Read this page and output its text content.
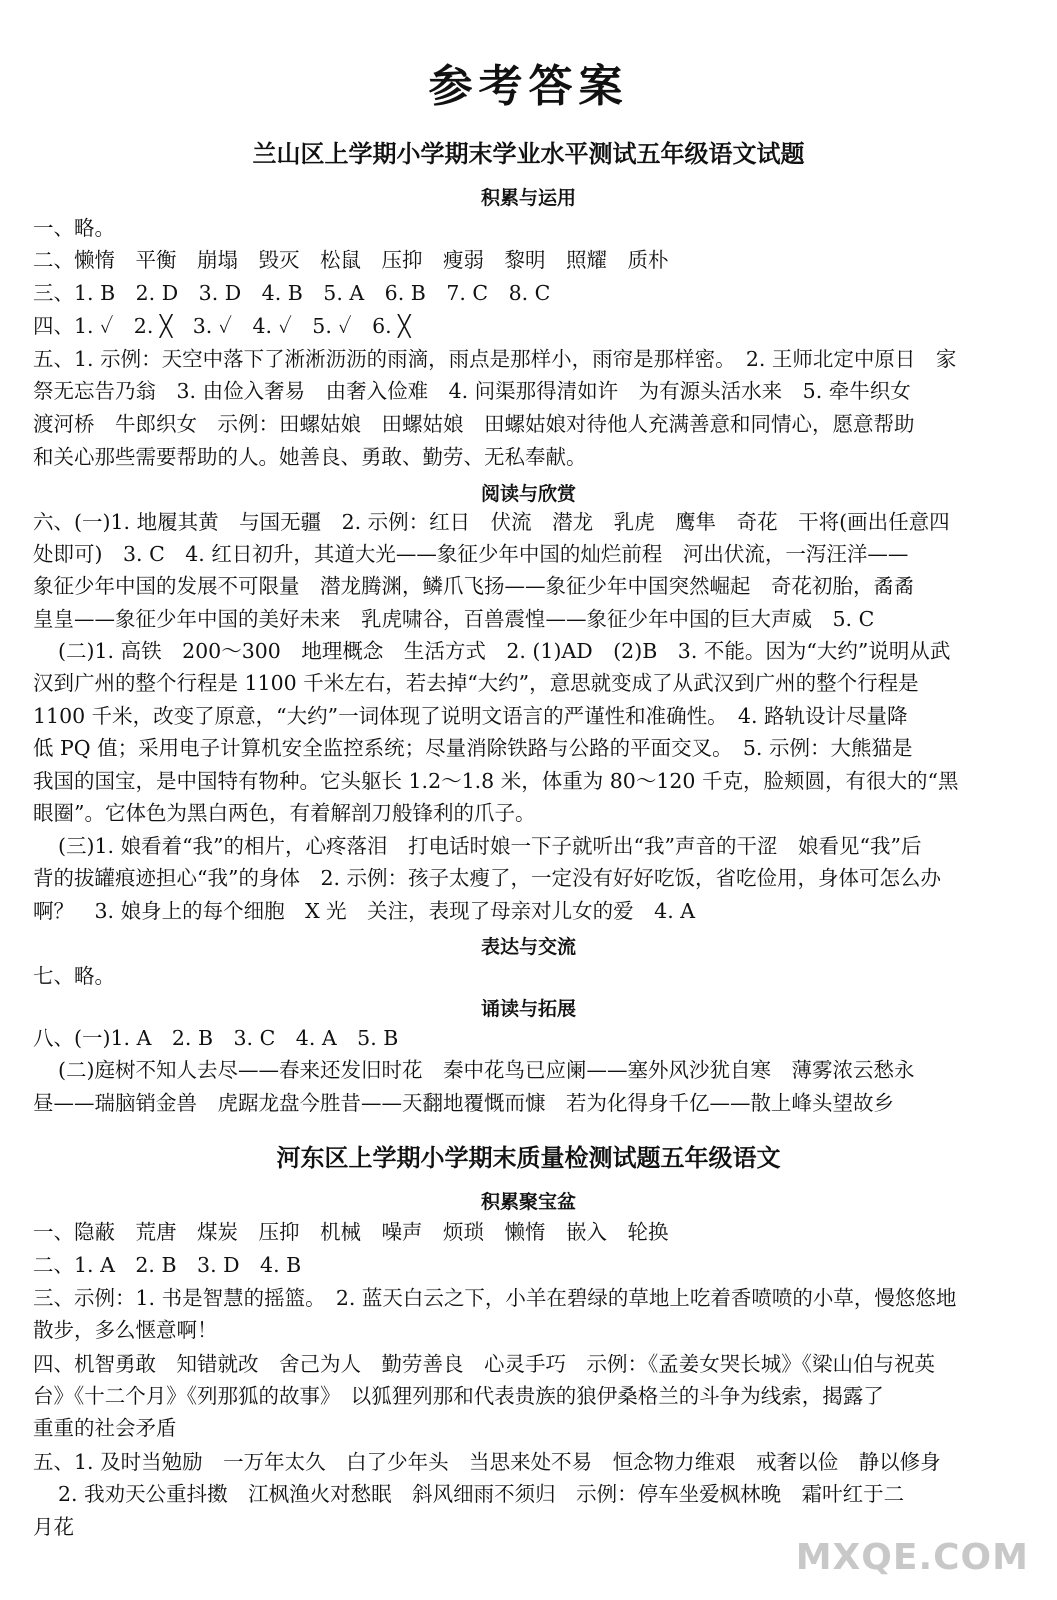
参考答案
兰山区上学期小学期末学业水平测试五年级语文试题
积累与运用
一、略。
二、懒惰　平衡　崩塌　毁灭　松鼠　压抑　瘦弱　黎明　照耀　质朴
三、1. B　2. D　3. D　4. B　5. A　6. B　7. C　8. C
四、1. ✓　2. ╳　3. ✓　4. ✓　5. ✓　6. ╳
五、1. 示例：天空中落下了淅淅沥沥的雨滴，雨点是那样小，雨帘是那样密。　2. 王师北定中原日　家
祭无忘告乃翁　3. 由俭入奢易　由奢入俭难　4. 问渠那得清如许　为有源头活水来　5. 牵牛织女
渡河桥　牛郎织女　示例：田螺姑娘　田螺姑娘　田螺姑娘对待他人充满善意和同情心，愿意帮助
和关心那些需要帮助的人。她善良、勇敢、勤劳、无私奉献。
阅读与欣赏
六、(一)1. 地履其黄　与国无疆　2. 示例：红日　伏流　潜龙　乳虎　鹰隼　奇花　干将(画出任意四
处即可)　3. C　4. 红日初升，其道大光——象征少年中国的灿烂前程　河出伏流，一泻汪洋——
象征少年中国的发展不可限量　潜龙腾渊，鳞爪飞扬——象征少年中国突然崛起　奇花初胎，矞矞
皇皇——象征少年中国的美好未来　乳虎啸谷，百兽震惶——象征少年中国的巨大声威　5. C
(二)1. 高铁　200～300　地理概念　生活方式　2. (1)AD　(2)B　3. 不能。因为“大约”说明从武
汉到广州的整个行程是 1100 千米左右，若去掉“大约”，意思就变成了从武汉到广州的整个行程是
1100 千米，改变了原意，“大约”一词体现了说明文语言的严谨性和准确性。　4. 路轨设计尽量降
低 PQ 值；采用电子计算机安全监控系统；尽量消除铁路与公路的平面交叉。　5. 示例：大熊猫是
我国的国宝，是中国特有物种。它头躯长 1.2～1.8 米，体重为 80～120 千克，脸颊圆，有很大的“黑
眼圈”。它体色为黑白两色，有着解剖刀般锋利的爪子。
(三)1. 娘看着“我”的相片，心疼落泪　打电话时娘一下子就听出“我”声音的干涩　娘看见“我”后
背的拔罐痕迹担心“我”的身体　2. 示例：孩子太瘦了，一定没有好好吃饭，省吃俭用，身体可怎么办
啊？　3. 娘身上的每个细胞　X 光　关注，表现了母亲对儿女的爱　4. A
表达与交流
七、略。
诵读与拓展
八、(一)1. A　2. B　3. C　4. A　5. B
(二)庭树不知人去尽——春来还发旧时花　秦中花鸟已应阑——塞外风沙犹自寒　薄雾浓云愁永
昼——瑞脑销金兽　虎踞龙盘今胜昔——天翻地覆慨而慷　若为化得身千亿——散上峰头望故乡
河东区上学期小学期末质量检测试题五年级语文
积累聚宝盆
一、隐蔽　荒唐　煤炭　压抑　机械　噪声　烦琐　懒惰　嵌入　轮换
二、1. A　2. B　3. D　4. B
三、示例：1. 书是智慧的摇篮。　2. 蓝天白云之下，小羊在碧绿的草地上吃着香喷喷的小草，慢悠悠地
散步，多么惬意啊！
四、机智勇敢　知错就改　舍己为人　勤劳善良　心灵手巧　示例：《孟姜女哭长城》《梁山伯与祝英
台》《十二个月》《列那狐的故事》　以狐狸列那和代表贵族的狼伊桑格兰的斗争为线索，揭露了
重重的社会矛盾
五、1. 及时当勉励　一万年太久　白了少年头　当思来处不易　恒念物力维艰　戒奢以俭　静以修身
2. 我劝天公重抖擞　江枫渔火对愁眠　斜风细雨不须归　示例：停车坐爱枫林晚　霜叶红于二
月花
MXQE.COM
